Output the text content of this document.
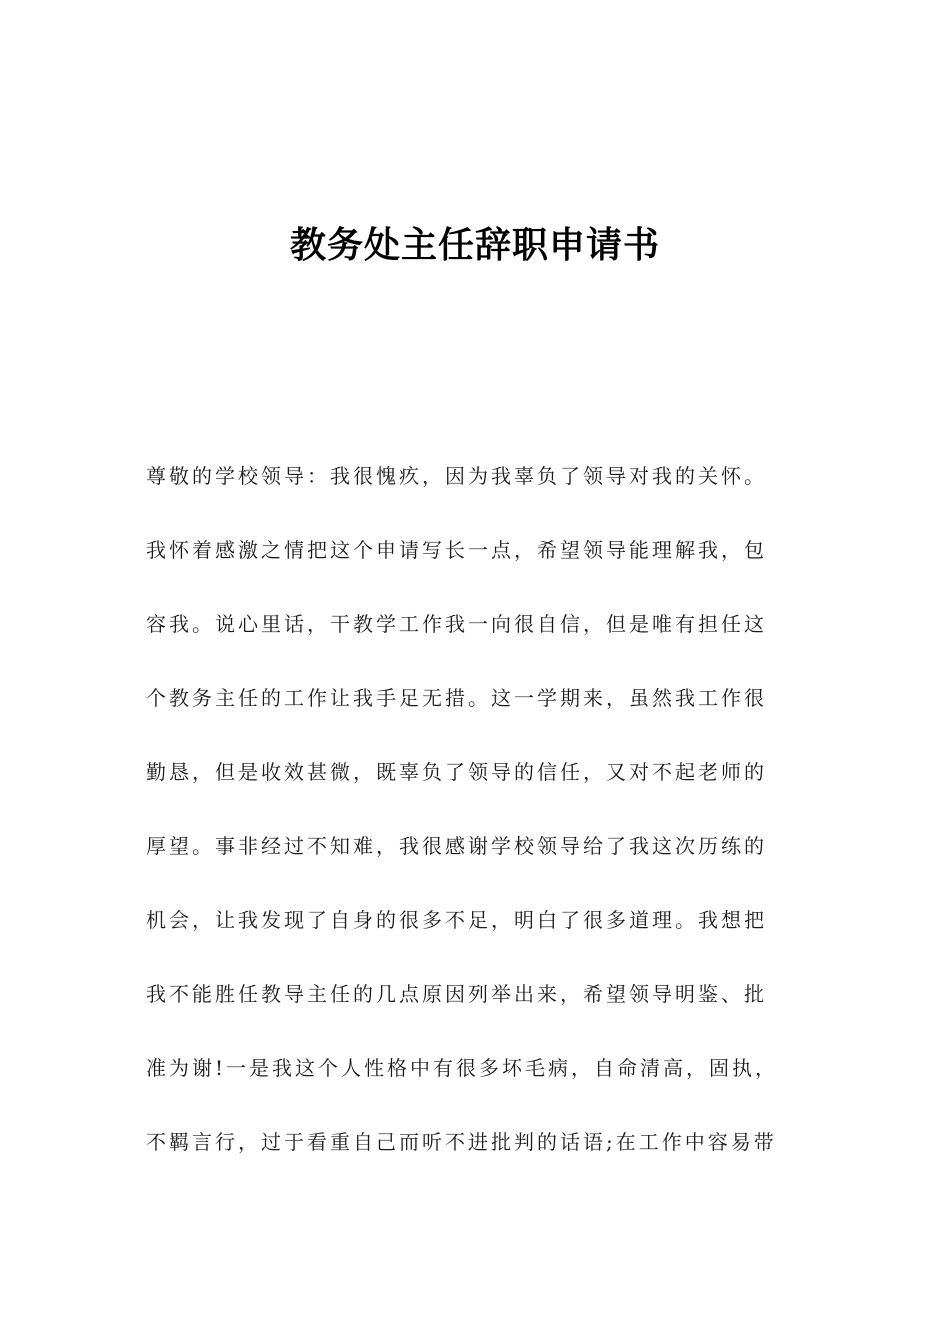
教务处主任辞职申请书
尊敬的学校领导：我很愧疚，因为我辜负了领导对我的关怀。
我怀着感激之情把这个申请写长一点，希望领导能理解我，包
容我。说心里话，干教学工作我一向很自信，但是唯有担任这
个教务主任的工作让我手足无措。这一学期来，虽然我工作很
勤恳，但是收效甚微，既辜负了领导的信任，又对不起老师的
厚望。事非经过不知难，我很感谢学校领导给了我这次历练的
机会，让我发现了自身的很多不足，明白了很多道理。我想把
我不能胜任教导主任的几点原因列举出来，希望领导明鉴、批
准为谢!一是我这个人性格中有很多坏毛病，自命清高，固执，
不羁言行，过于看重自己而听不进批判的话语;在工作中容易带
